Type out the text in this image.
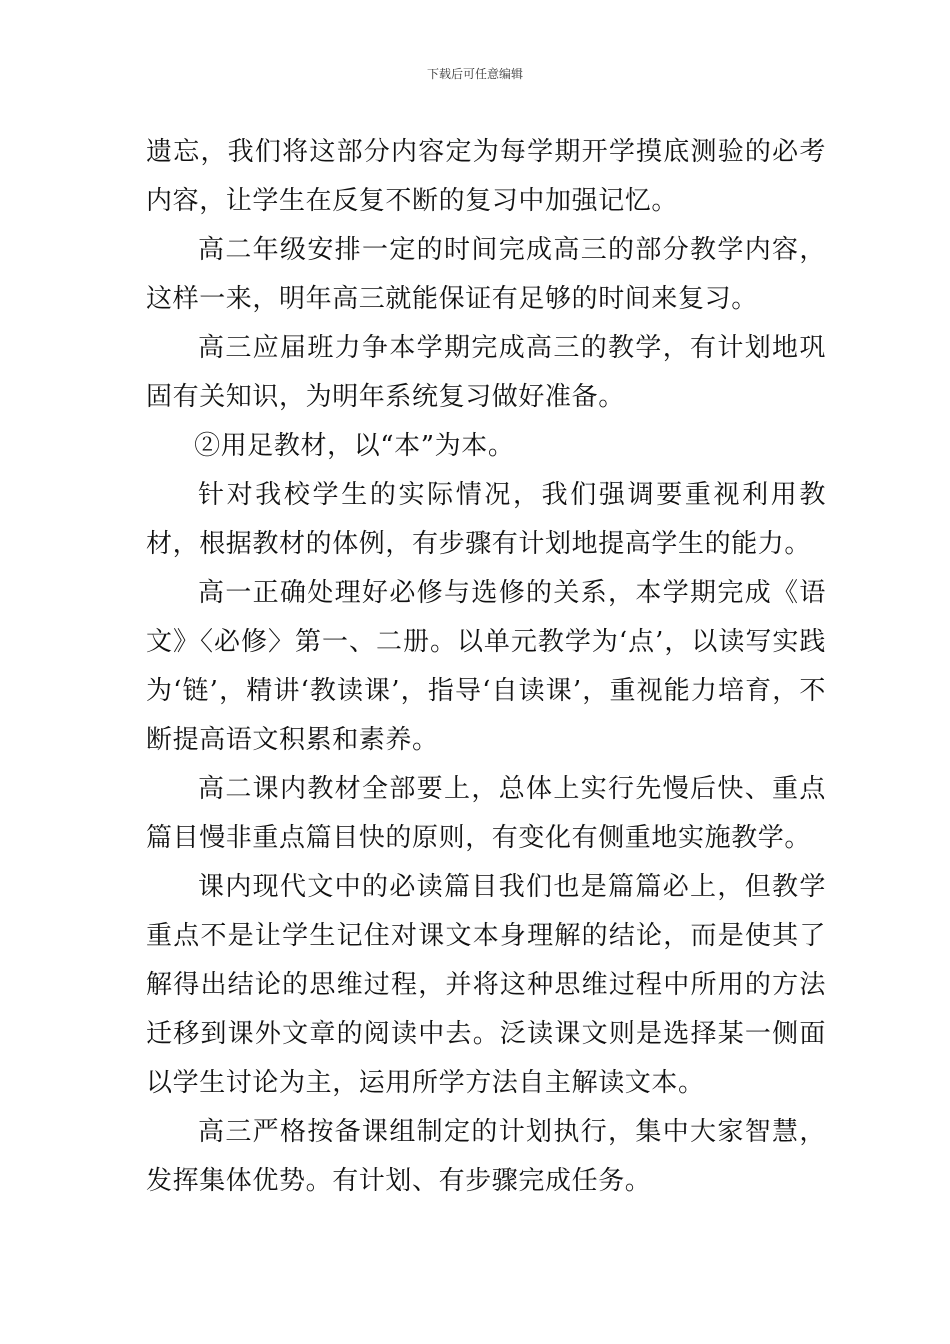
下载后可任意编辑

遗忘，我们将这部分内容定为每学期开学摸底测验的必考内容，让学生在反复不断的复习中加强记忆。

高二年级安排一定的时间完成高三的部分教学内容，这样一来，明年高三就能保证有足够的时间来复习。

高三应届班力争本学期完成高三的教学，有计划地巩固有关知识，为明年系统复习做好准备。

②用足教材，以“本”为本。

针对我校学生的实际情况，我们强调要重视利用教材，根据教材的体例，有步骤有计划地提高学生的能力。

高一正确处理好必修与选修的关系，本学期完成《语文》〈必修〉第一、二册。以单元教学为‘点’，以读写实践为‘链’，精讲‘教读课’，指导‘自读课’，重视能力培育，不断提高语文积累和素养。

高二课内教材全部要上，总体上实行先慢后快、重点篇目慢非重点篇目快的原则，有变化有侧重地实施教学。

课内现代文中的必读篇目我们也是篇篇必上，但教学重点不是让学生记住对课文本身理解的结论，而是使其了解得出结论的思维过程，并将这种思维过程中所用的方法迁移到课外文章的阅读中去。泛读课文则是选择某一侧面以学生讨论为主，运用所学方法自主解读文本。

高三严格按备课组制定的计划执行，集中大家智慧，发挥集体优势。有计划、有步骤完成任务。
